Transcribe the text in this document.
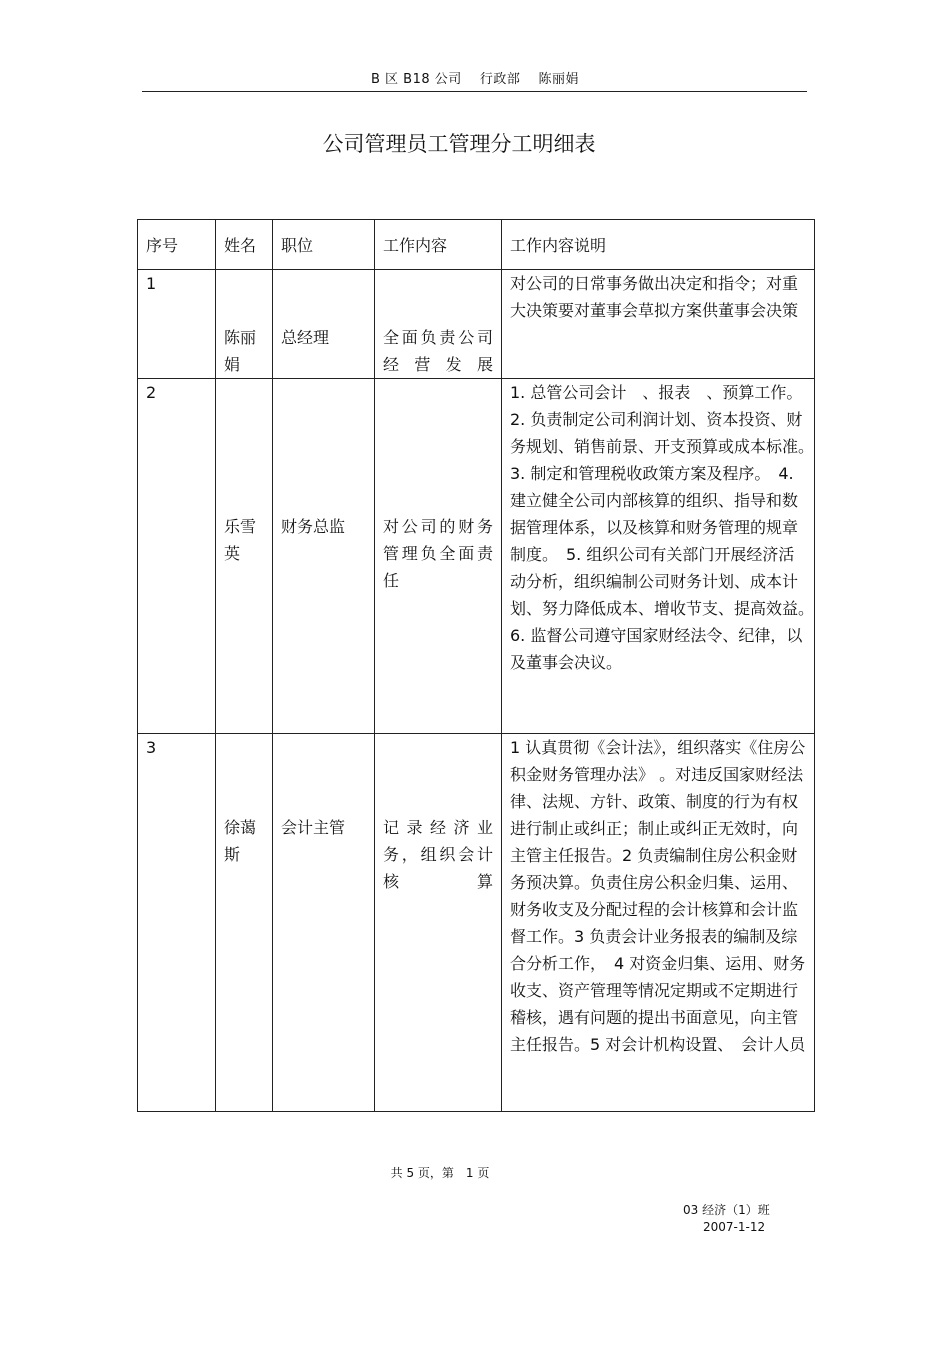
B 区 B18 公司　 行政部　 陈丽娟
公司管理员工管理分工明细表
序号	姓名	职位	工作内容	工作内容说明
1	陈丽娟	总经理	全面负责公司经营发展	对公司的日常事务做出决定和指令；对重大决策要对董事会草拟方案供董事会决策
2	乐雪英	财务总监	对公司的财务管理负全面责任	1. 总管公司会计　、报表　、预算工作。 2. 负责制定公司利润计划、资本投资、财务规划、销售前景、开支预算或成本标准。　3. 制定和管理税收政策方案及程序。　4. 建立健全公司内部核算的组织、指导和数据管理体系，以及核算和财务管理的规章制度。　5. 组织公司有关部门开展经济活动分析，组织编制公司财务计划、成本计划、努力降低成本、增收节支、提高效益。　6. 监督公司遵守国家财经法令、纪律，以及董事会决议。
3	徐蔼斯	会计主管	记录经济业务，组织会计核算	1 认真贯彻《会计法》，组织落实《住房公积金财务管理办法》 。对违反国家财经法律、法规、方针、政策、制度的行为有权进行制止或纠正；制止或纠正无效时，向主管主任报告。2 负责编制住房公积金财务预决算。负责住房公积金归集、运用、财务收支及分配过程的会计核算和会计监督工作。3 负责会计业务报表的编制及综合分析工作，　4 对资金归集、运用、财务收支、资产管理等情况定期或不定期进行稽核，遇有问题的提出书面意见，向主管主任报告。5 对会计机构设置、　会计人员
共 5 页，第　1 页
03 经济（1）班
2007-1-12
